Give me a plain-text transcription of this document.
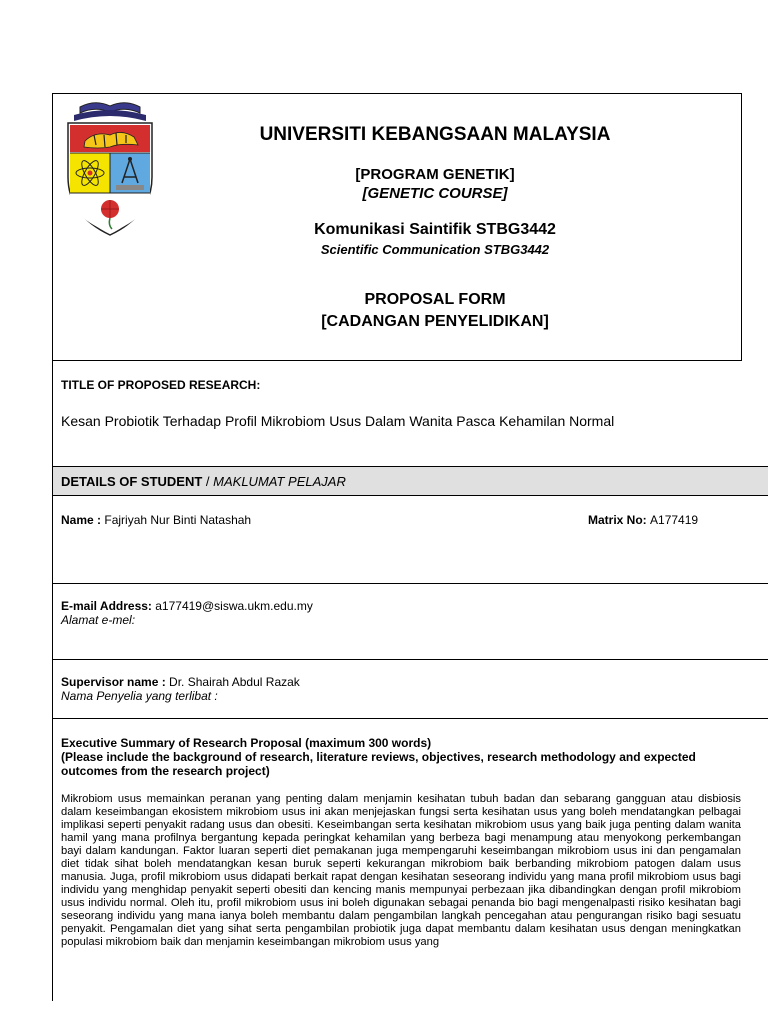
UNIVERSITI KEBANGSAAN MALAYSIA
[PROGRAM GENETIK]
[GENETIC COURSE]
Komunikasi Saintifik STBG3442
Scientific Communication STBG3442
PROPOSAL FORM
[CADANGAN PENYELIDIKAN]
TITLE OF PROPOSED RESEARCH:
Kesan Probiotik Terhadap Profil Mikrobiom Usus Dalam Wanita Pasca Kehamilan Normal
DETAILS OF STUDENT / MAKLUMAT PELAJAR
Name : Fajriyah Nur Binti Natashah	Matrix No: A177419
E-mail Address: a177419@siswa.ukm.edu.my
Alamat e-mel:
Supervisor name : Dr. Shairah Abdul Razak
Nama Penyelia yang terlibat :
Executive Summary of Research Proposal (maximum 300 words)
(Please include the background of research, literature reviews, objectives, research methodology and expected outcomes from the research project)
Mikrobiom usus memainkan peranan yang penting dalam menjamin kesihatan tubuh badan dan sebarang gangguan atau disbiosis dalam keseimbangan ekosistem mikrobiom usus ini akan menjejaskan fungsi serta kesihatan usus yang boleh mendatangkan pelbagai implikasi seperti penyakit radang usus dan obesiti. Keseimbangan serta kesihatan mikrobiom usus yang baik juga penting dalam wanita hamil yang mana profilnya bergantung kepada peringkat kehamilan yang berbeza bagi menampung atau menyokong perkembangan bayi dalam kandungan. Faktor luaran seperti diet pemakanan juga mempengaruhi keseimbangan mikrobiom usus ini dan pengamalan diet tidak sihat boleh mendatangkan kesan buruk seperti kekurangan mikrobiom baik berbanding mikrobiom patogen dalam usus manusia. Juga, profil mikrobiom usus didapati berkait rapat dengan kesihatan seseorang individu yang mana profil mikrobiom usus bagi individu yang menghidap penyakit seperti obesiti dan kencing manis mempunyai perbezaan jika dibandingkan dengan profil mikrobiom usus individu normal. Oleh itu, profil mikrobiom usus ini boleh digunakan sebagai penanda bio bagi mengenalpasti risiko kesihatan bagi seseorang individu yang mana ianya boleh membantu dalam pengambilan langkah pencegahan atau pengurangan risiko bagi sesuatu penyakit. Pengamalan diet yang sihat serta pengambilan probiotik juga dapat membantu dalam kesihatan usus dengan meningkatkan populasi mikrobiom baik dan menjamin keseimbangan mikrobiom usus yang
